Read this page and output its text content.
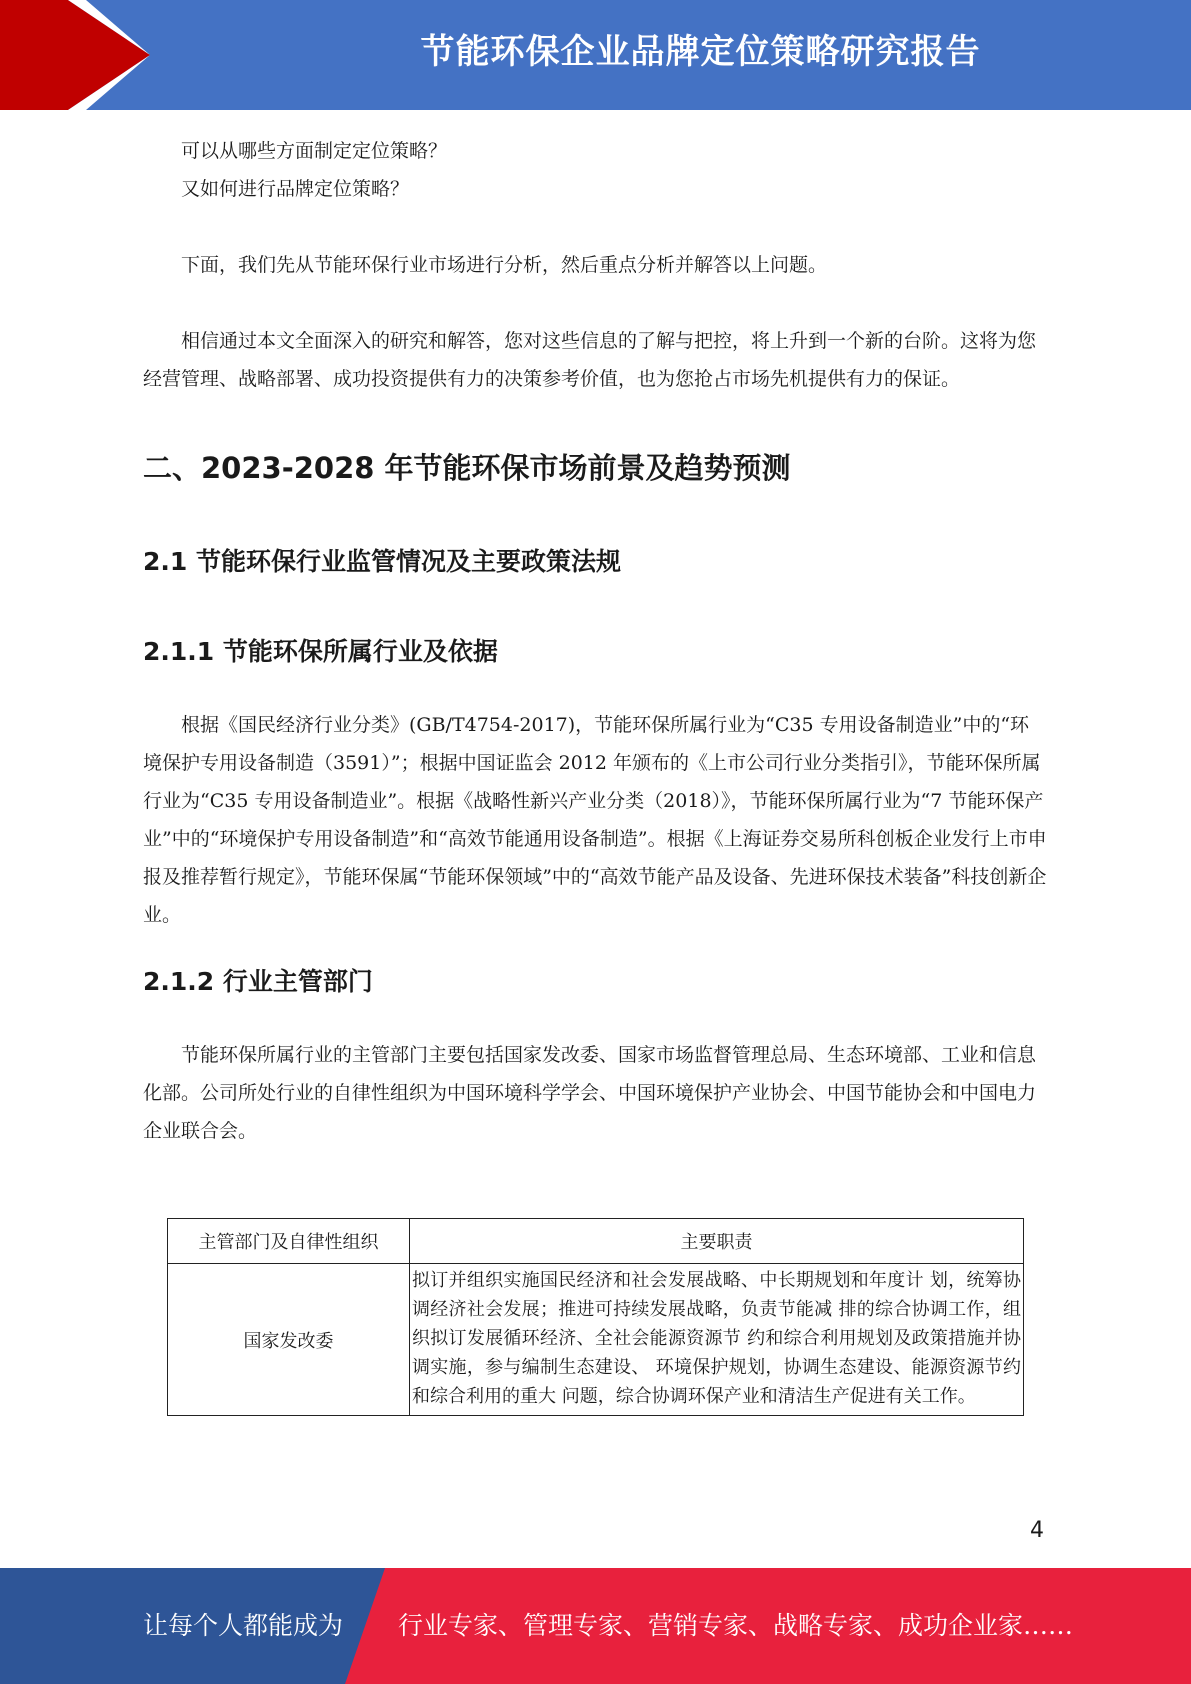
节能环保企业品牌定位策略研究报告

可以从哪些方面制定定位策略？

又如何进行品牌定位策略？

下面，我们先从节能环保行业市场进行分析，然后重点分析并解答以上问题。

相信通过本文全面深入的研究和解答，您对这些信息的了解与把控，将上升到一个新的台阶。这将为您经营管理、战略部署、成功投资提供有力的决策参考价值，也为您抢占市场先机提供有力的保证。

二、2023-2028 年节能环保市场前景及趋势预测
2.1 节能环保行业监管情况及主要政策法规
2.1.1 节能环保所属行业及依据

根据《国民经济行业分类》(GB/T4754-2017)，节能环保所属行业为“C35 专用设备制造业”中的“环境保护专用设备制造（3591）”；根据中国证监会 2012 年颁布的《上市公司行业分类指引》，节能环保所属行业为“C35 专用设备制造业”。根据《战略性新兴产业分类（2018）》，节能环保所属行业为“7 节能环保产业”中的“环境保护专用设备制造”和“高效节能通用设备制造”。根据《上海证券交易所科创板企业发行上市申报及推荐暂行规定》，节能环保属“节能环保领域”中的“高效节能产品及设备、先进环保技术装备”科技创新企业。

2.1.2 行业主管部门

节能环保所属行业的主管部门主要包括国家发改委、国家市场监督管理总局、生态环境部、工业和信息化部。公司所处行业的自律性组织为中国环境科学学会、中国环境保护产业协会、中国节能协会和中国电力企业联合会。

主管部门及自律性组织	主要职责
国家发改委	拟订并组织实施国民经济和社会发展战略、中长期规划和年度计 划，统筹协调经济社会发展；推进可持续发展战略，负责节能减 排的综合协调工作，组织拟订发展循环经济、全社会能源资源节 约和综合利用规划及政策措施并协调实施，参与编制生态建设、 环境保护规划，协调生态建设、能源资源节约和综合利用的重大 问题，综合协调环保产业和清洁生产促进有关工作。
4
让每个人都能成为 行业专家、管理专家、营销专家、战略专家、成功企业家……
